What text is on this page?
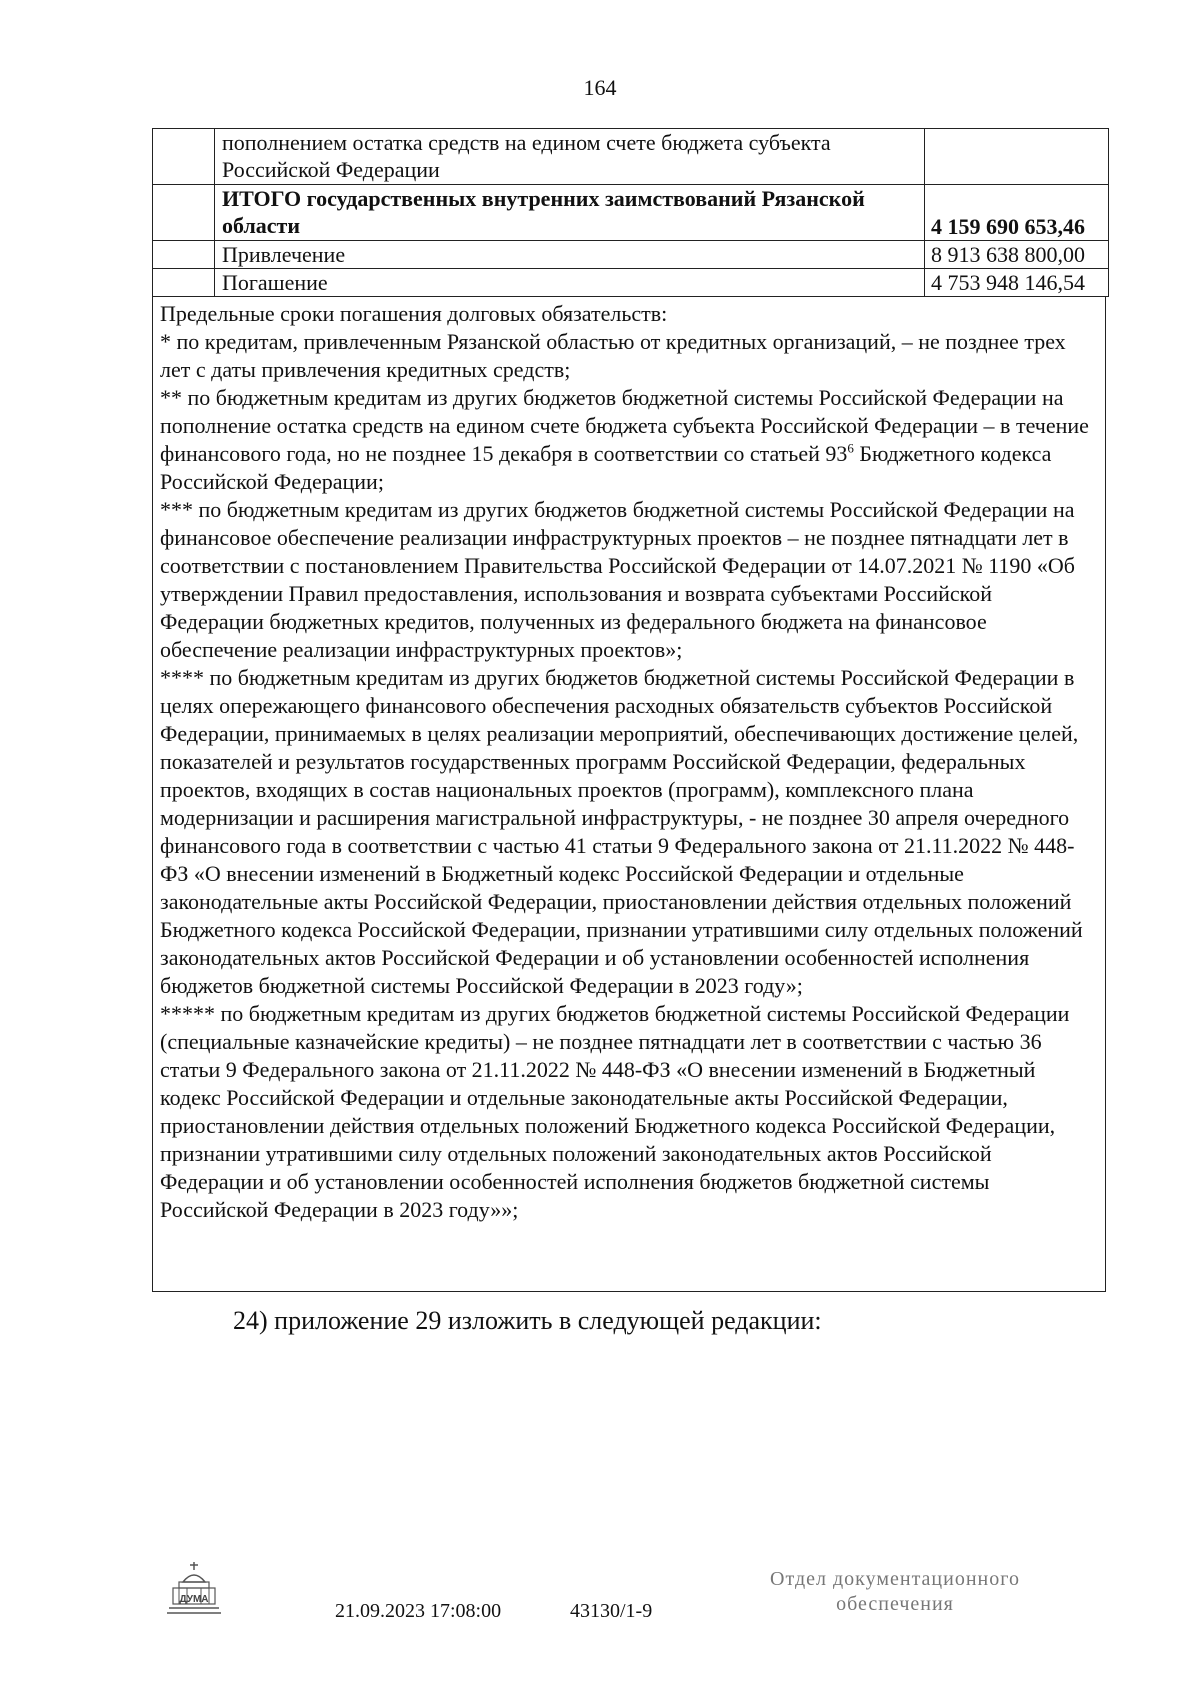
164
	пополнением остатка средств на едином счете бюджета субъекта Российской Федерации	
	ИТОГО государственных внутренних заимствований Рязанской области	4 159 690 653,46
	Привлечение	8 913 638 800,00
	Погашение	4 753 948 146,54

Предельные сроки погашения долговых обязательств:

* по кредитам, привлеченным Рязанской областью от кредитных организаций, – не позднее трех лет с даты привлечения кредитных средств;

** по бюджетным кредитам из других бюджетов бюджетной системы Российской Федерации на пополнение остатка средств на едином счете бюджета субъекта Российской Федерации – в течение финансового года, но не позднее 15 декабря в соответствии со статьей $93^6$ Бюджетного кодекса Российской Федерации;

*** по бюджетным кредитам из других бюджетов бюджетной системы Российской Федерации на финансовое обеспечение реализации инфраструктурных проектов – не позднее пятнадцати лет в соответствии с постановлением Правительства Российской Федерации от 14.07.2021 № 1190 «Об утверждении Правил предоставления, использования и возврата субъектами Российской Федерации бюджетных кредитов, полученных из федерального бюджета на финансовое обеспечение реализации инфраструктурных проектов»;

**** по бюджетным кредитам из других бюджетов бюджетной системы Российской Федерации в целях опережающего финансового обеспечения расходных обязательств субъектов Российской Федерации, принимаемых в целях реализации мероприятий, обеспечивающих достижение целей, показателей и результатов государственных программ Российской Федерации, федеральных проектов, входящих в состав национальных проектов (программ), комплексного плана модернизации и расширения магистральной инфраструктуры, - не позднее 30 апреля очередного финансового года в соответствии с частью 41 статьи 9 Федерального закона от 21.11.2022 № 448-ФЗ «О внесении изменений в Бюджетный кодекс Российской Федерации и отдельные законодательные акты Российской Федерации, приостановлении действия отдельных положений Бюджетного кодекса Российской Федерации, признании утратившими силу отдельных положений законодательных актов Российской Федерации и об установлении особенностей исполнения бюджетов бюджетной системы Российской Федерации в 2023 году»;

***** по бюджетным кредитам из других бюджетов бюджетной системы Российской Федерации (специальные казначейские кредиты) – не позднее пятнадцати лет в соответствии с частью 36 статьи 9 Федерального закона от 21.11.2022 № 448-ФЗ «О внесении изменений в Бюджетный кодекс Российской Федерации и отдельные законодательные акты Российской Федерации, приостановлении действия отдельных положений Бюджетного кодекса Российской Федерации, признании утратившими силу отдельных положений законодательных актов Российской Федерации и об установлении особенностей исполнения бюджетов бюджетной системы Российской Федерации в 2023 году»»;

24) приложение 29 изложить в следующей редакции:
ДУМА
21.09.2023 17:08:00	43130/1-9
Отдел документационного
обеспечения
